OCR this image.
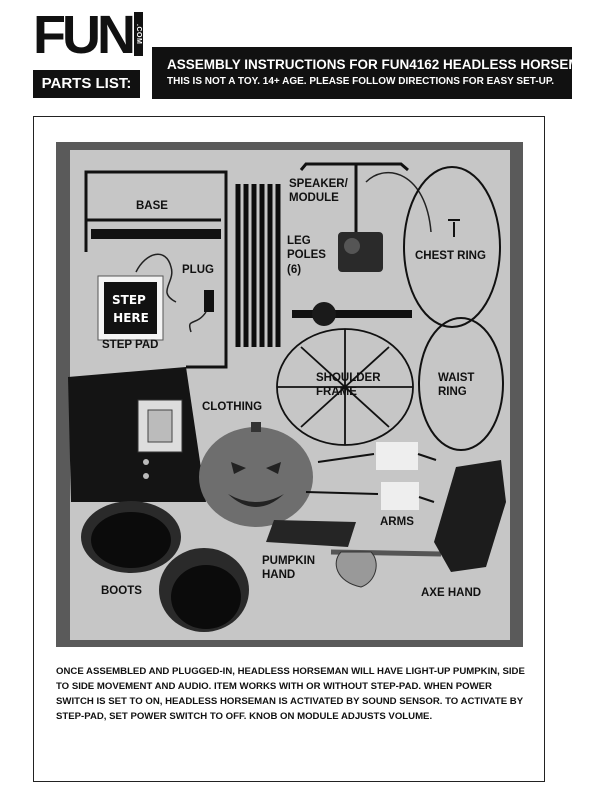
FUN .COM
PARTS LIST:
ASSEMBLY INSTRUCTIONS FOR FUN4162 HEADLESS HORSEMAN
THIS IS NOT A TOY. 14+ AGE. PLEASE FOLLOW DIRECTIONS FOR EASY SET-UP.
STEP HERE
BASE
PLUG
STEP PAD
SPEAKER/
MODULE
LEG
POLES
(6)
CHEST RING
SHOULDER
FRAME
WAIST
RING
CLOTHING
ARMS
PUMPKIN
HAND
BOOTS	AXE HAND
ONCE ASSEMBLED AND PLUGGED-IN, HEADLESS HORSEMAN WILL HAVE LIGHT-UP PUMPKIN, SIDE TO SIDE MOVEMENT AND AUDIO. ITEM WORKS WITH OR WITHOUT STEP-PAD. WHEN POWER SWITCH IS SET TO ON, HEADLESS HORSEMAN IS ACTIVATED BY SOUND SENSOR. TO ACTIVATE BY STEP-PAD, SET POWER SWITCH TO OFF. KNOB ON MODULE ADJUSTS VOLUME.
